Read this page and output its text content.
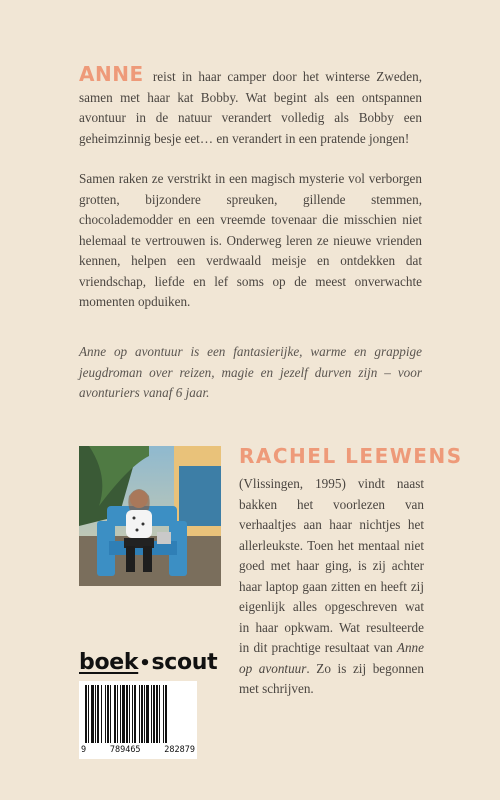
ANNE reist in haar camper door het winterse Zweden, samen met haar kat Bobby. Wat begint als een ontspannen avontuur in de natuur verandert volledig als Bobby een geheimzinnig besje eet… en verandert in een pratende jongen!

Samen raken ze verstrikt in een magisch mysterie vol verborgen grotten, bijzondere spreuken, gillende stemmen, chocolademodder en een vreemde tovenaar die misschien niet helemaal te vertrouwen is. Onderweg leren ze nieuwe vrienden kennen, helpen een verdwaald meisje en ontdekken dat vriendschap, liefde en lef soms op de meest onverwachte momenten opduiken.

Anne op avontuur is een fantasierijke, warme en grappige jeugdroman over reizen, magie en jezelf durven zijn – voor avonturiers vanaf 6 jaar.
RACHEL LEEWENS
(Vlissingen, 1995) vindt naast bakken het voorlezen van verhaaltjes aan haar nichtjes het allerleukste. Toen het mentaal niet goed met haar ging, is zij achter haar laptop gaan zitten en heeft zij eigenlijk alles opgeschreven wat in haar opkwam. Wat resulteerde in dit prachtige resultaat van Anne op avontuur. Zo is zij begonnen met schrijven.
boek•scout
9	789465	282879
